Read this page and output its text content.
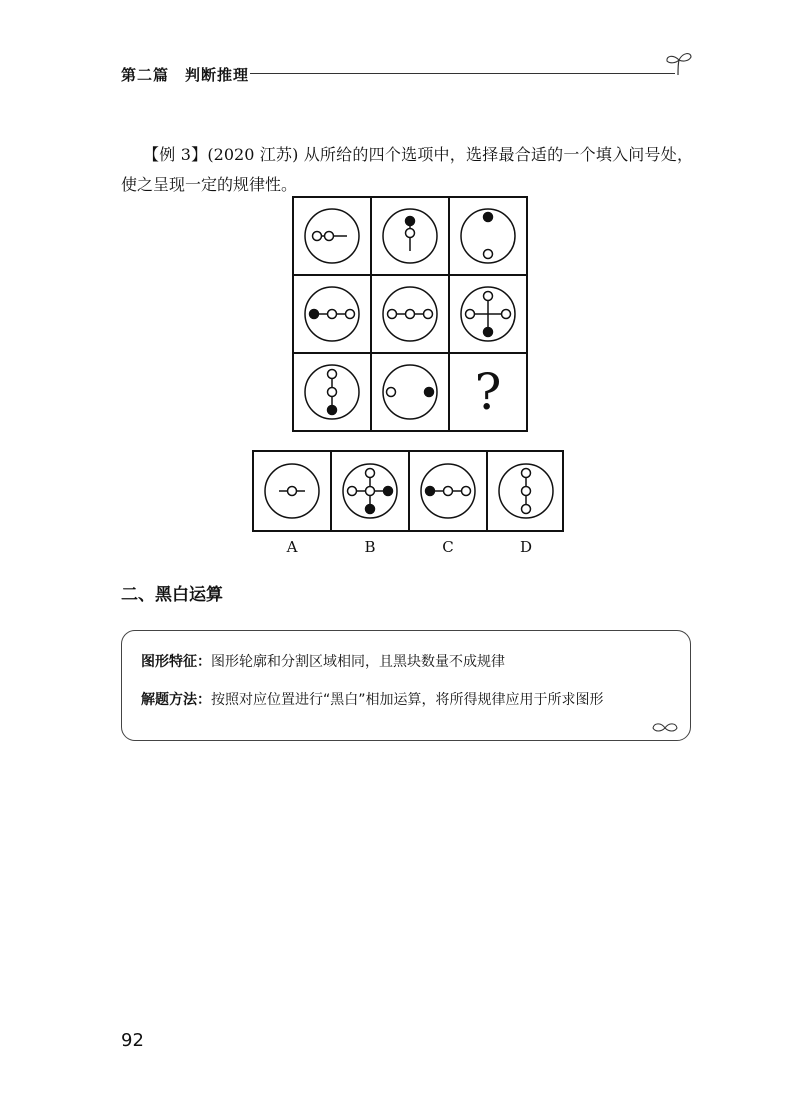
第二篇　判断推理
【例 3】(2020 江苏) 从所给的四个选项中，选择最合适的一个填入问号处，使之呈现一定的规律性。
?
A	B	C	D
二、黑白运算
图形特征：图形轮廓和分割区域相同，且黑块数量不成规律
解题方法：按照对应位置进行“黑白”相加运算，将所得规律应用于所求图形
92
